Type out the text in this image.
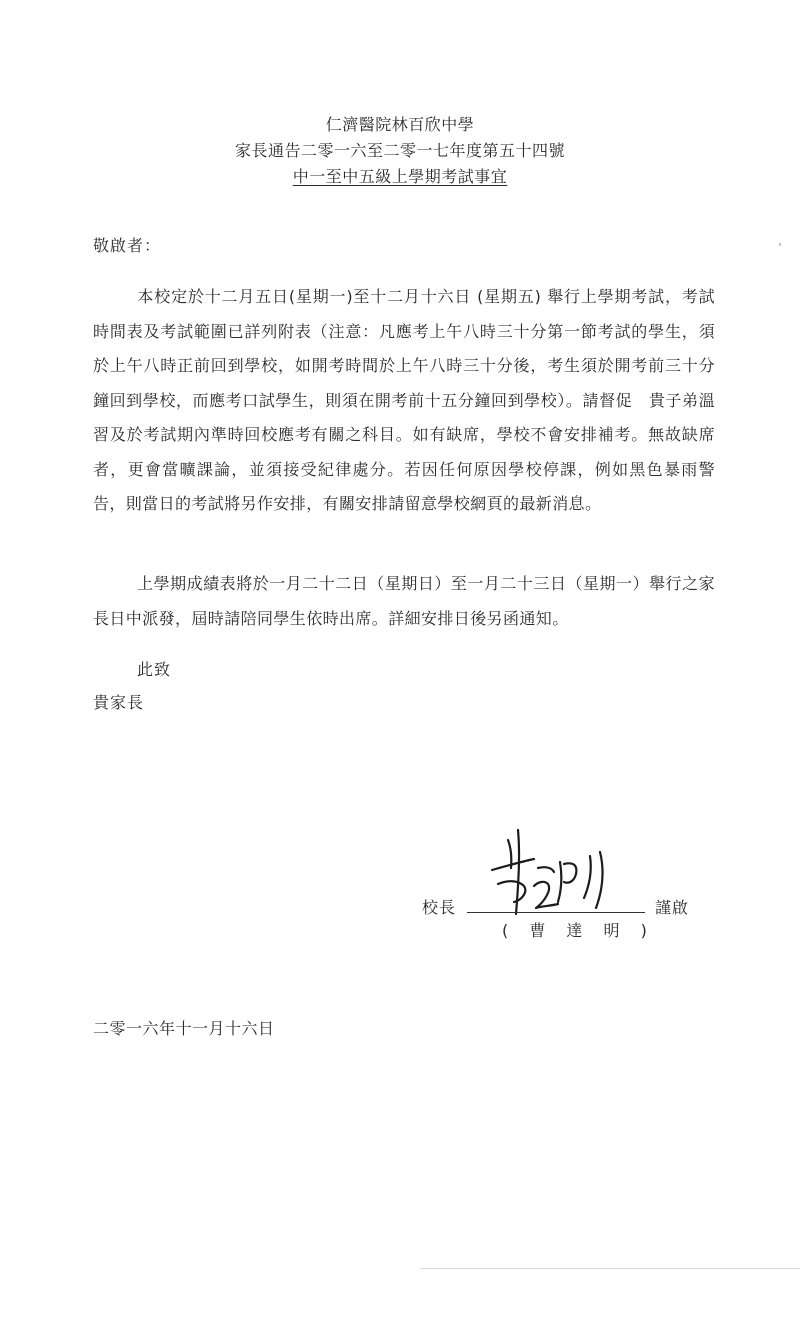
仁濟醫院林百欣中學
家長通告二零一六至二零一七年度第五十四號
中一至中五級上學期考試事宜
敬啟者：
本校定於十二月五日(星期一)至十二月十六日 (星期五) 舉行上學期考試，考試時間表及考試範圍已詳列附表（注意：凡應考上午八時三十分第一節考試的學生，須於上午八時正前回到學校，如開考時間於上午八時三十分後，考生須於開考前三十分鐘回到學校，而應考口試學生，則須在開考前十五分鐘回到學校）。請督促　貴子弟溫習及於考試期內準時回校應考有關之科目。如有缺席，學校不會安排補考。無故缺席者，更會當曠課論，並須接受紀律處分。若因任何原因學校停課，例如黑色暴雨警告，則當日的考試將另作安排，有關安排請留意學校網頁的最新消息。
上學期成績表將於一月二十二日（星期日）至一月二十三日（星期一）舉行之家長日中派發，屆時請陪同學生依時出席。詳細安排日後另函通知。
此致
貴家長
校長	謹啟
( 曹 達 明 )
二零一六年十一月十六日
